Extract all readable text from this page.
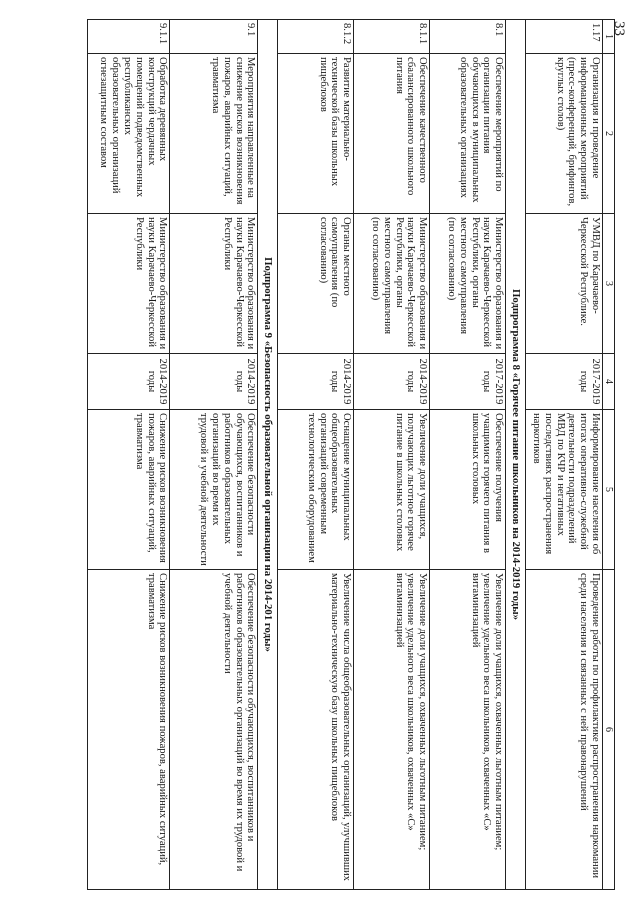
33
1	2	3	4	5	6
1.17	Организация и проведение информационных мероприятий (пресс-конференций, брифингов, круглых столов)	УМВД по Карачаево-Черкесской Республике.	2017-2019 годы	Информирование населения об итогах оперативно-служебной деятельности подразделений МВД по КЧР и негативных последствиях распространения наркотиков	Проведение работы по профилактике распространения наркомании среди населения и связанных с ней правонарушений
Подпрограмма 8 «Горячее питание школьников на 2014-2019 годы»					
8.1	Обеспечение мероприятий по организации питания обучающихся в муниципальных образовательных организациях	Министерство образования и науки Карачаево-Черкесской Республики, органы местного самоуправления (по согласованию)	2017-2019 годы	Обеспечение получения учащимися горячего питания в школьных столовых	Увеличение доли учащихся, охваченных льготным питанием; увеличение удельного веса школьников, охваченных «С» витаминизацией
8.1.1	Обеспечение качественного сбалансированного школьного питания	Министерство образования и науки Карачаево-Черкесской Республики, органы местного самоуправления (по согласованию)	2014-2019 годы	Увеличение доли учащихся, получающих льготное горячее питание в школьных столовых	Увеличение доли учащихся, охваченных льготным питанием; увеличение удельного веса школьников, охваченных «С» витаминизацией
8.1.2	Развитие материально-технической базы школьных пищеблоков	Органы местного самоуправления (по согласованию)	2014-2019 годы	Оснащение муниципальных общеобразовательных организаций современным технологическим оборудованием	Увеличение числа общеобразовательных организаций, улучшивших материально-техническую базу школьных пищеблоков
Подпрограмма 9 «Безопасность образовательной организации на 2014-201 годы»					
9.1	Мероприятия направленные на снижение рисков возникновения пожаров, аварийных ситуаций, травматизма	Министерство образования и науки Карачаево-Черкесской Республики	2014-2019 годы	Обеспечение безопасности обучающихся, воспитанников и работников образовательных организаций во время их трудовой и учебной деятельности	Обеспечение безопасности обучающихся, воспитанников и работников образовательных организаций во время их трудовой и учебной деятельности
9.1.1	Обработка деревянных конструкций чердачных помещений подведомственных республиканских образовательных организаций огнезащитным составом	Министерство образования и науки Карачаево-Черкесской Республики	2014-2019 годы	Снижение рисков возникновения пожаров, аварийных ситуаций, травматизма	Снижение рисков возникновения пожаров, аварийных ситуаций, травматизма
